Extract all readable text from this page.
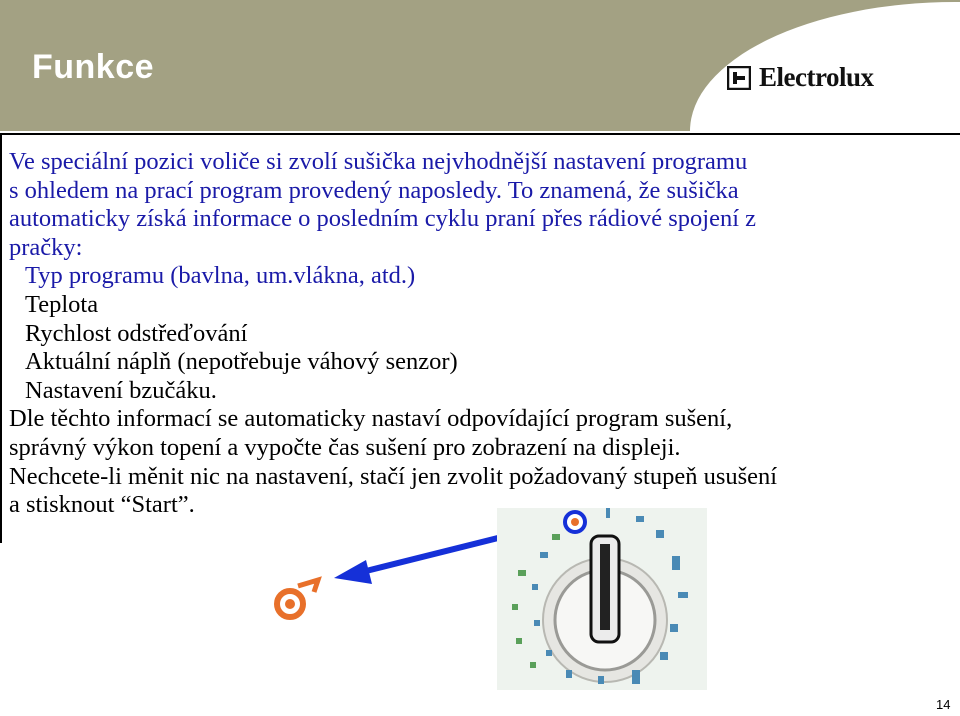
Funkce	Electrolux

Ve speciální pozici voliče si zvolí sušička nejvhodnější nastavení programu

s ohledem na prací program provedený naposledy. To znamená, že sušička

automaticky získá informace o posledním cyklu praní přes rádiové spojení z

pračky:

Typ programu (bavlna, um.vlákna, atd.)

Teplota

Rychlost odstřeďování

Aktuální náplň (nepotřebuje váhový senzor)

Nastavení bzučáku.

Dle těchto informací se automaticky nastaví odpovídající program sušení,

správný výkon topení a vypočte čas sušení pro zobrazení na displeji.

Nechcete-li měnit nic na nastavení, stačí jen zvolit požadovaný stupeň usušení

a stisknout “Start”.

14
